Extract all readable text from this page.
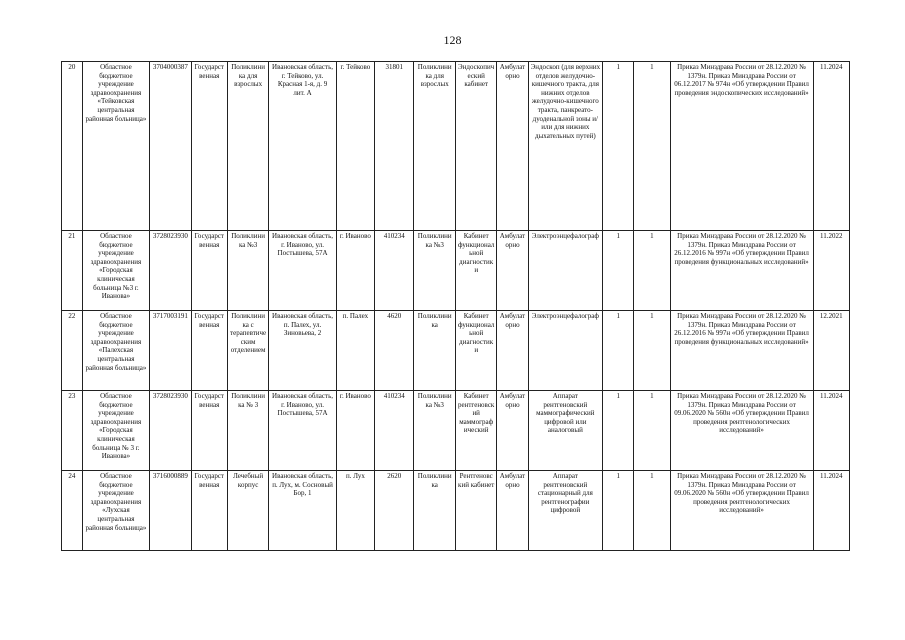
128
20	Областное бюджетное учреждение здравоохранения «Тейковская центральная районная больница»	3704000387	Государственная	Поликлиника для взрослых	Ивановская область, г. Тейково, ул. Красная 1-я, д. 9 лит. А	г. Тейково	31801	Поликлиника для взрослых	Эндоскопический кабинет	Амбулаторно	Эндоскоп (для верхних отделов желудочно-кишечного тракта, для нижних отделов желудочно-кишечного тракта, панкреато-дуоденальной зоны и/или для нижних дыхательных путей)	1	1	Приказ Минздрава России от 28.12.2020 № 1379н. Приказ Минздрава России от 06.12.2017 № 974н «Об утверждении Правил проведения эндоскопических исследований»	11.2024
21	Областное бюджетное учреждение здравоохранения «Городская клиническая больница №3 г. Иванова»	3728023930	Государственная	Поликлиника №3	Ивановская область, г. Иваново, ул. Постышева, 57А	г. Иваново	410234	Поликлиника №3	Кабинет функциональной диагностики	Амбулаторно	Электроэнцефалограф	1	1	Приказ Минздрава России от 28.12.2020 № 1379н. Приказ Минздрава России от 26.12.2016 № 997н «Об утверждении Правил проведения функциональных исследований»	11.2022
22	Областное бюджетное учреждение здравоохранения «Палехская центральная районная больница»	3717003191	Государственная	Поликлиника с терапевтическим отделением	Ивановская область, п. Палех, ул. Зиновьева, 2	п. Палех	4620	Поликлиника	Кабинет функциональной диагностики	Амбулаторно	Электроэнцефалограф	1	1	Приказ Минздрава России от 28.12.2020 № 1379н. Приказ Минздрава России от 26.12.2016 № 997н «Об утверждении Правил проведения функциональных исследований»	12.2021
23	Областное бюджетное учреждение здравоохранения «Городская клиническая больница № 3 г. Иванова»	3728023930	Государственная	Поликлиника № 3	Ивановская область, г. Иваново, ул. Постышева, 57А	г. Иваново	410234	Поликлиника №3	Кабинет рентгеновский маммографический	Амбулаторно	Аппарат рентгеновский маммографический цифровой или аналоговый	1	1	Приказ Минздрава России от 28.12.2020 № 1379н. Приказ Минздрава России от 09.06.2020 № 560н «Об утверждении Правил проведения рентгенологических исследований»	11.2024
24	Областное бюджетное учреждение здравоохранения «Лухская центральная районная больница»	3716000889	Государственная	Лечебный корпус	Ивановская область, п. Лух, м. Сосновый Бор, 1	п. Лух	2620	Поликлиника	Рентгеновский кабинет	Амбулаторно	Аппарат рентгеновский стационарный для рентгенографии цифровой	1	1	Приказ Минздрава России от 28.12.2020 № 1379н. Приказ Минздрава России от 09.06.2020 № 560н «Об утверждении Правил проведения рентгенологических исследований»	11.2024
